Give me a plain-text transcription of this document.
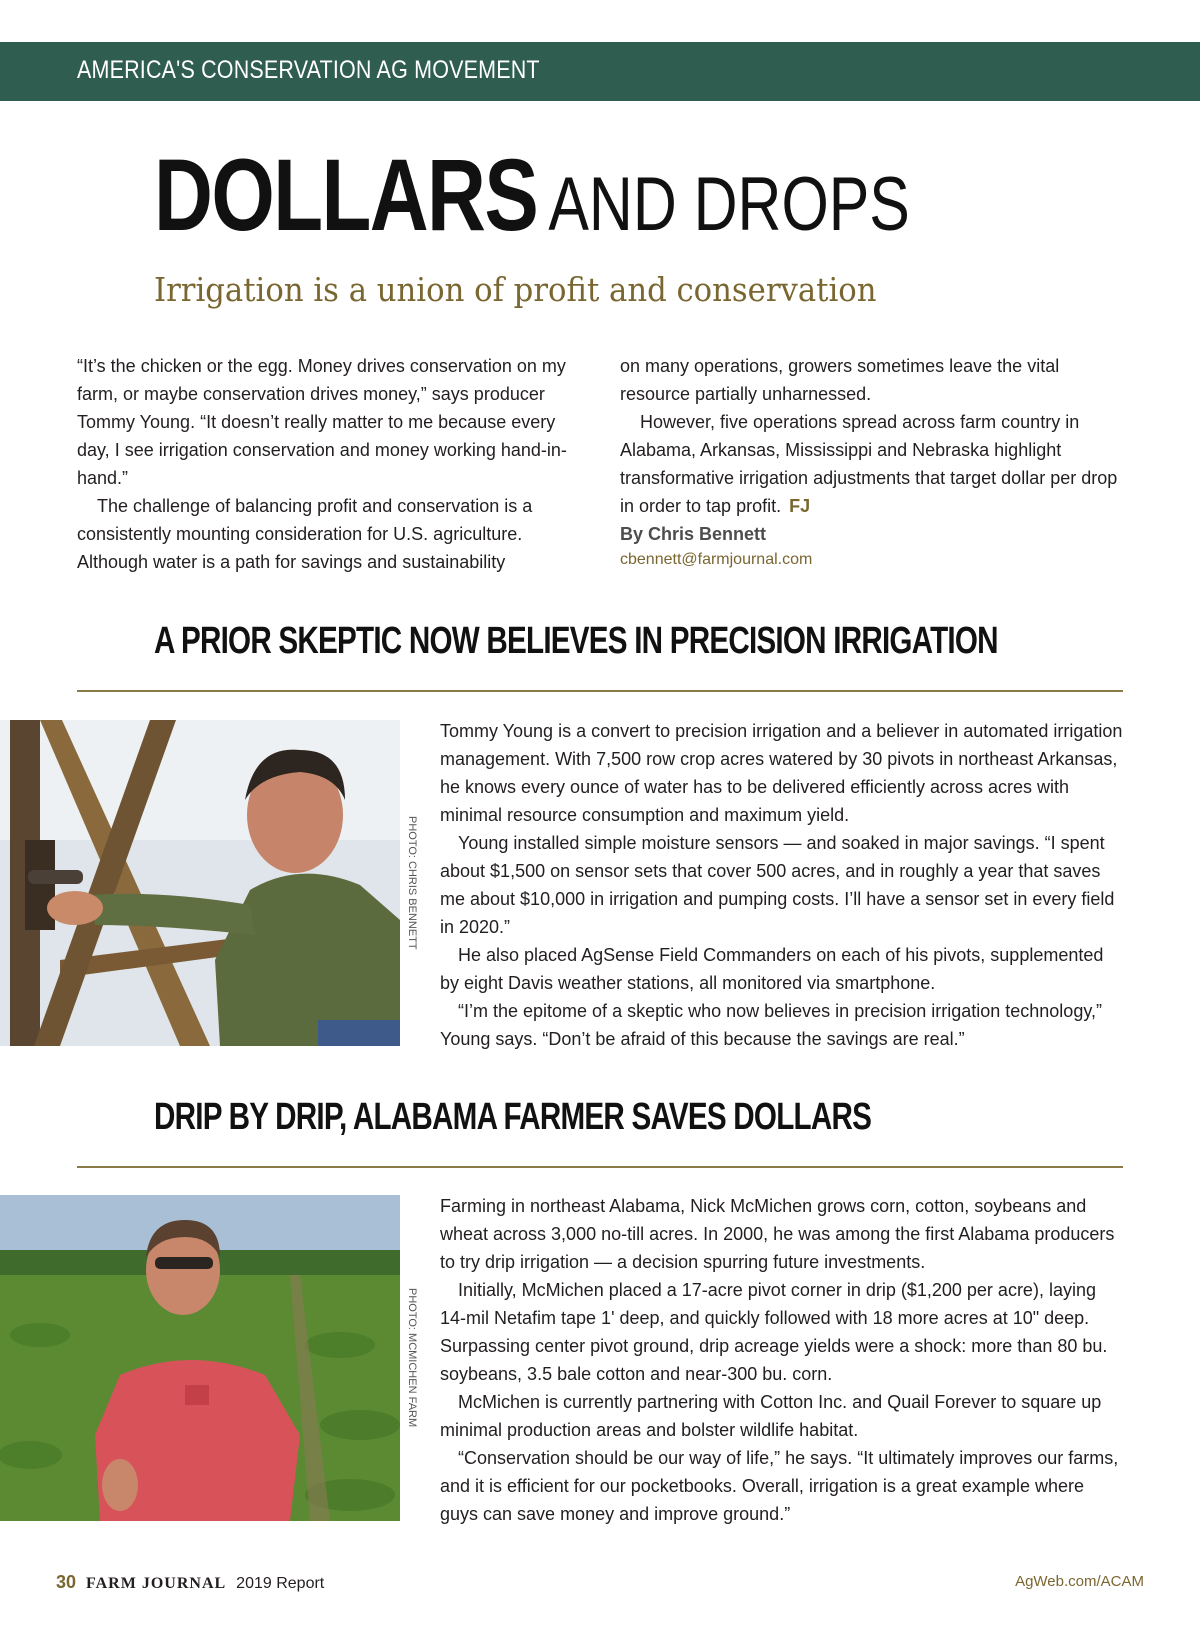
AMERICA'S CONSERVATION AG MOVEMENT
DOLLARS AND DROPS
Irrigation is a union of profit and conservation

“It’s the chicken or the egg. Money drives conservation on my farm, or maybe conservation drives money,” says producer Tommy Young. “It doesn’t really matter to me because every day, I see irrigation conservation and money working hand-in-hand.”

The challenge of balancing profit and conservation is a consistently mounting consideration for U.S. agriculture. Although water is a path for savings and sustainability

on many operations, growers sometimes leave the vital resource partially unharnessed.

However, five operations spread across farm country in Alabama, Arkansas, Mississippi and Nebraska highlight transformative irrigation adjustments that target dollar per drop in order to tap profit. FJ

By Chris Bennett

cbennett@farmjournal.com

A PRIOR SKEPTIC NOW BELIEVES IN PRECISION IRRIGATION
PHOTO: CHRIS BENNETT

Tommy Young is a convert to precision irrigation and a believer in automated irrigation management. With 7,500 row crop acres watered by 30 pivots in northeast Arkansas, he knows every ounce of water has to be delivered efficiently across acres with minimal resource consumption and maximum yield.

Young installed simple moisture sensors — and soaked in major savings. “I spent about $1,500 on sensor sets that cover 500 acres, and in roughly a year that saves me about $10,000 in irrigation and pumping costs. I’ll have a sensor set in every field in 2020.”

He also placed AgSense Field Commanders on each of his pivots, supplemented by eight Davis weather stations, all monitored via smartphone.

“I’m the epitome of a skeptic who now believes in precision irrigation technology,” Young says. “Don’t be afraid of this because the savings are real.”

DRIP BY DRIP, ALABAMA FARMER SAVES DOLLARS
PHOTO: MCMICHEN FARM

Farming in northeast Alabama, Nick McMichen grows corn, cotton, soybeans and wheat across 3,000 no-till acres. In 2000, he was among the first Alabama producers to try drip irrigation — a decision spurring future investments.

Initially, McMichen placed a 17-acre pivot corner in drip ($1,200 per acre), laying 14-mil Netafim tape 1' deep, and quickly followed with 18 more acres at 10" deep. Surpassing center pivot ground, drip acreage yields were a shock: more than 80 bu. soybeans, 3.5 bale cotton and near-300 bu. corn.

McMichen is currently partnering with Cotton Inc. and Quail Forever to square up minimal production areas and bolster wildlife habitat.

“Conservation should be our way of life,” he says. “It ultimately improves our farms, and it is efficient for our pocketbooks. Overall, irrigation is a great example where guys can save money and improve ground.”

30 FARM JOURNAL 2019 Report	AgWeb.com/ACAM
